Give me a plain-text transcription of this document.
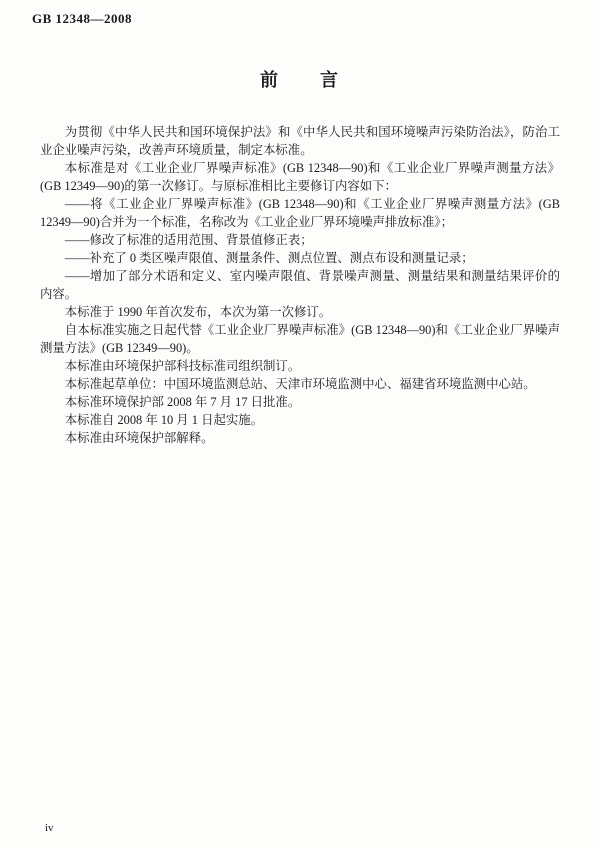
GB 12348—2008
前　　言

为贯彻《中华人民共和国环境保护法》和《中华人民共和国环境噪声污染防治法》，防治工业企业噪声污染，改善声环境质量，制定本标准。

本标准是对《工业企业厂界噪声标准》(GB 12348—90)和《工业企业厂界噪声测量方法》(GB 12349—90)的第一次修订。与原标准相比主要修订内容如下：

——将《工业企业厂界噪声标准》(GB 12348—90)和《工业企业厂界噪声测量方法》(GB 12349—90)合并为一个标准，名称改为《工业企业厂界环境噪声排放标准》；

——修改了标准的适用范围、背景值修正表；

——补充了 0 类区噪声限值、测量条件、测点位置、测点布设和测量记录；

——增加了部分术语和定义、室内噪声限值、背景噪声测量、测量结果和测量结果评价的内容。

本标准于 1990 年首次发布，本次为第一次修订。

自本标准实施之日起代替《工业企业厂界噪声标准》(GB 12348—90)和《工业企业厂界噪声测量方法》(GB 12349—90)。

本标准由环境保护部科技标准司组织制订。

本标准起草单位：中国环境监测总站、天津市环境监测中心、福建省环境监测中心站。

本标准环境保护部 2008 年 7 月 17 日批准。

本标准自 2008 年 10 月 1 日起实施。

本标准由环境保护部解释。

iv
